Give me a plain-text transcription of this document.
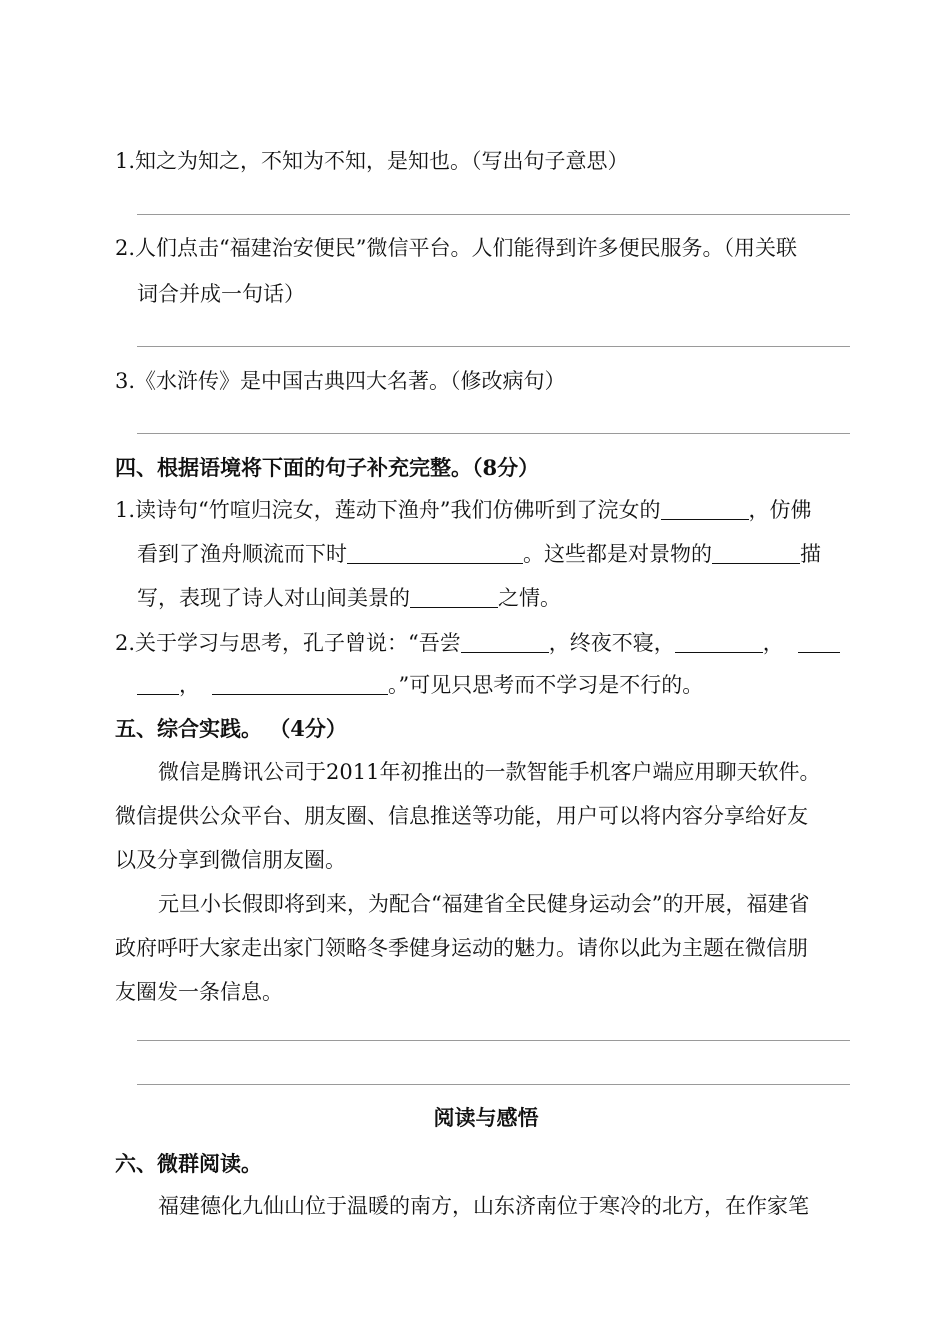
1.知之为知之，不知为不知，是知也。（写出句子意思）
2.人们点击“福建治安便民”微信平台。人们能得到许多便民服务。（用关联
词合并成一句话）
3.《水浒传》是中国古典四大名著。（修改病句）
四、根据语境将下面的句子补充完整。（8分）
1.读诗句“竹喧归浣女，莲动下渔舟”我们仿佛听到了浣女的	，仿佛
看到了渔舟顺流而下时	。这些都是对景物的	描
写，表现了诗人对山间美景的	之情。
2.关于学习与思考，孔子曾说：“吾尝	，终夜不寝，	，
，	。”可见只思考而不学习是不行的。
五、综合实践。 （4分）
微信是腾讯公司于2011年初推出的一款智能手机客户端应用聊天软件。
微信提供公众平台、朋友圈、信息推送等功能，用户可以将内容分享给好友
以及分享到微信朋友圈。
元旦小长假即将到来，为配合“福建省全民健身运动会”的开展，福建省
政府呼吁大家走出家门领略冬季健身运动的魅力。请你以此为主题在微信朋
友圈发一条信息。
阅读与感悟
六、微群阅读。
福建德化九仙山位于温暖的南方，山东济南位于寒冷的北方，在作家笔
